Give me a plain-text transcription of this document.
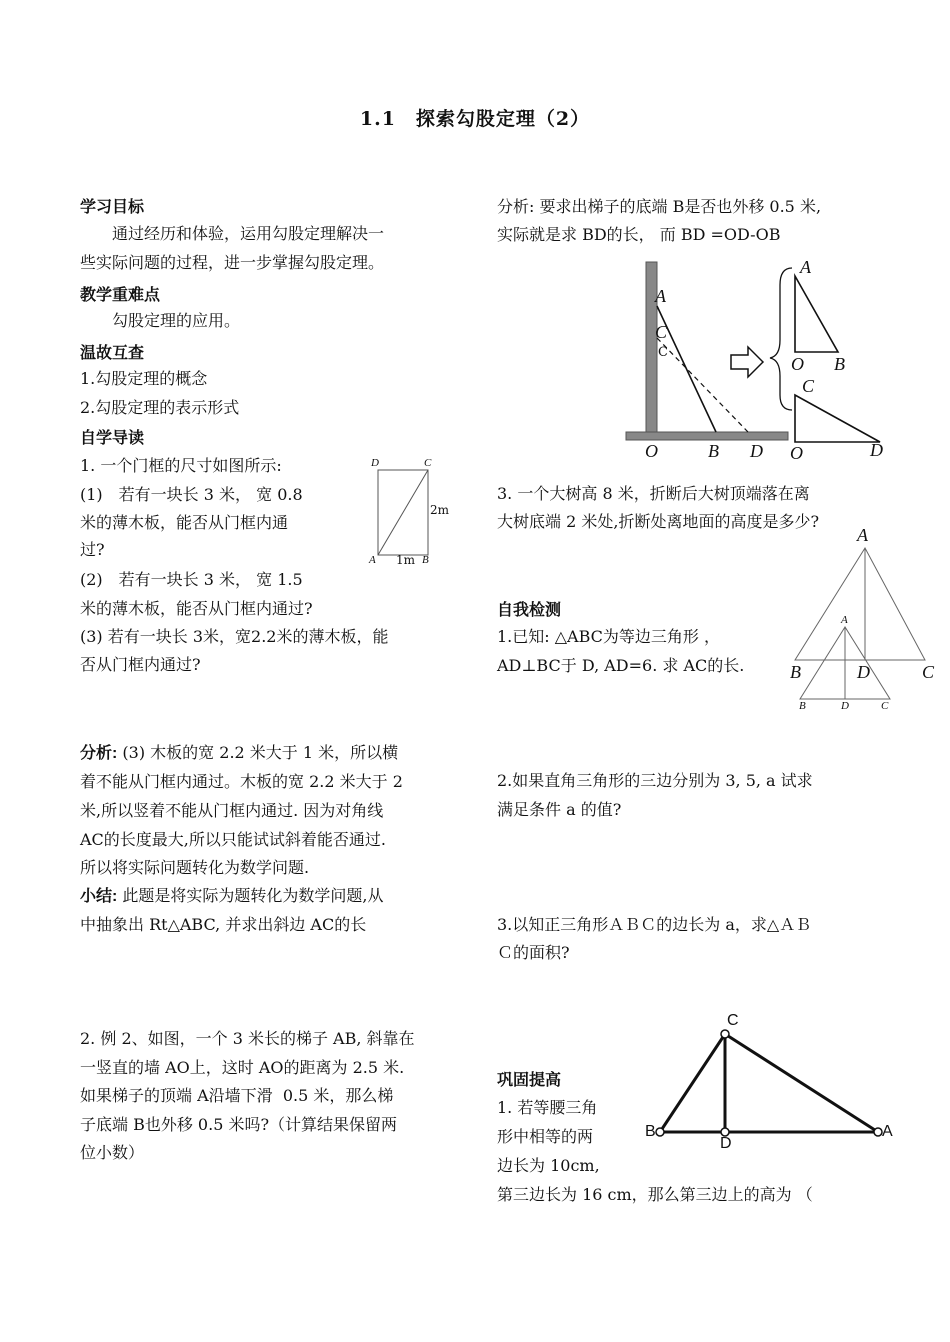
1.1　探索勾股定理（2）
学习目标
　　通过经历和体验，运用勾股定理解决一
些实际问题的过程，进一步掌握勾股定理。
教学重难点
　　勾股定理的应用。
温故互查
1.勾股定理的概念
2.勾股定理的表示形式
自学导读
1. 一个门框的尺寸如图所示:
(1)　若有一块长 3 米， 宽 0.8
米的薄木板，能否从门框内通
过?
(2)　若有一块长 3 米， 宽 1.5
米的薄木板，能否从门框内通过?
(3) 若有一块长 3米，宽2.2米的薄木板，能
否从门框内通过?
D	C
A	B
2m
1m
分析: (3) 木板的宽 2.2 米大于 1 米，所以横
着不能从门框内通过。木板的宽 2.2 米大于 2
米,所以竖着不能从门框内通过. 因为对角线
AC的长度最大,所以只能试试斜着能否通过.
所以将实际问题转化为数学问题.
小结: 此题是将实际为题转化为数学问题,从
中抽象出 Rt△ABC, 并求出斜边 AC的长
2. 例 2、如图，一个 3 米长的梯子 AB, 斜靠在
一竖直的墙 AO上，这时 AO的距离为 2.5 米.
如果梯子的顶端 A沿墙下滑  0.5 米，那么梯
子底端 B也外移 0.5 米吗?（计算结果保留两
位小数）
分析: 要求出梯子的底端 B是否也外移 0.5 米,
实际就是求 BD的长， 而 BD =OD-OB
A
C
C
O	B D
A
O B
C
O	D
3. 一个大树高 8 米，折断后大树顶端落在离
大树底端 2 米处,折断处离地面的高度是多少?
自我检测
1.已知: △ABC为等边三角形 ，
AD⊥BC于 D, AD=6. 求 AC的长.
A
B	D	C
A
B	D	C
2.如果直角三角形的三边分别为 3, 5, a 试求
满足条件 a 的值?
3.以知正三角形ＡＢＣ的边长为 a，求△ＡＢ
Ｃ的面积?
C
B
D
A
巩固提高
1. 若等腰三角
形中相等的两
边长为 10cm,
第三边长为 16 cm，那么第三边上的高为 （
